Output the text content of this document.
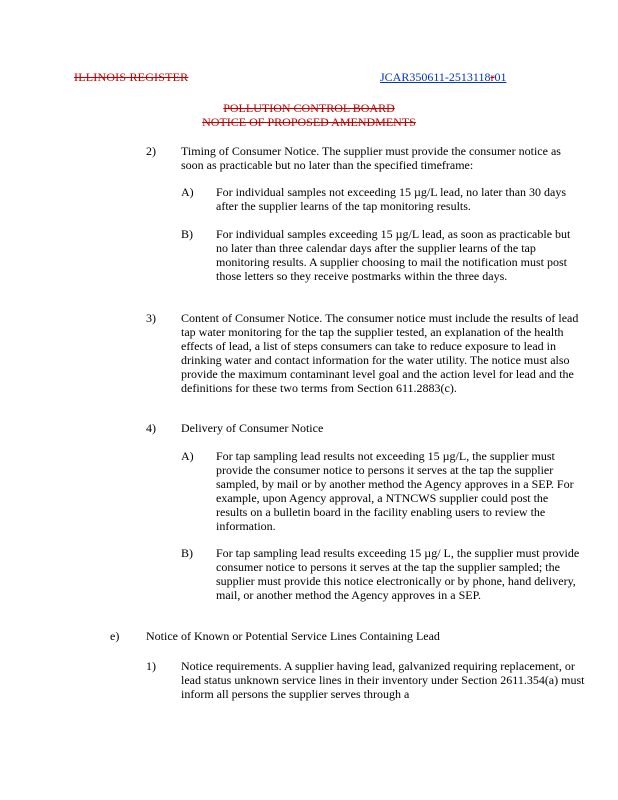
ILLINOIS REGISTER	JCAR350611-2513118r01
POLLUTION CONTROL BOARD
NOTICE OF PROPOSED AMENDMENTS
2) Timing of Consumer Notice. The supplier must provide the consumer notice as soon as practicable but no later than the specified timeframe:
A) For individual samples not exceeding 15 µg/L lead, no later than 30 days after the supplier learns of the tap monitoring results.
B) For individual samples exceeding 15 µg/L lead, as soon as practicable but no later than three calendar days after the supplier learns of the tap monitoring results. A supplier choosing to mail the notification must post those letters so they receive postmarks within the three days.
3) Content of Consumer Notice. The consumer notice must include the results of lead tap water monitoring for the tap the supplier tested, an explanation of the health effects of lead, a list of steps consumers can take to reduce exposure to lead in drinking water and contact information for the water utility. The notice must also provide the maximum contaminant level goal and the action level for lead and the definitions for these two terms from Section 611.2883(c).
4) Delivery of Consumer Notice
A) For tap sampling lead results not exceeding 15 µg/L, the supplier must provide the consumer notice to persons it serves at the tap the supplier sampled, by mail or by another method the Agency approves in a SEP. For example, upon Agency approval, a NTNCWS supplier could post the results on a bulletin board in the facility enabling users to review the information.
B) For tap sampling lead results exceeding 15 µg/ L, the supplier must provide consumer notice to persons it serves at the tap the supplier sampled; the supplier must provide this notice electronically or by phone, hand delivery, mail, or another method the Agency approves in a SEP.
e) Notice of Known or Potential Service Lines Containing Lead
1) Notice requirements. A supplier having lead, galvanized requiring replacement, or lead status unknown service lines in their inventory under Section 2611.354(a) must inform all persons the supplier serves through a
